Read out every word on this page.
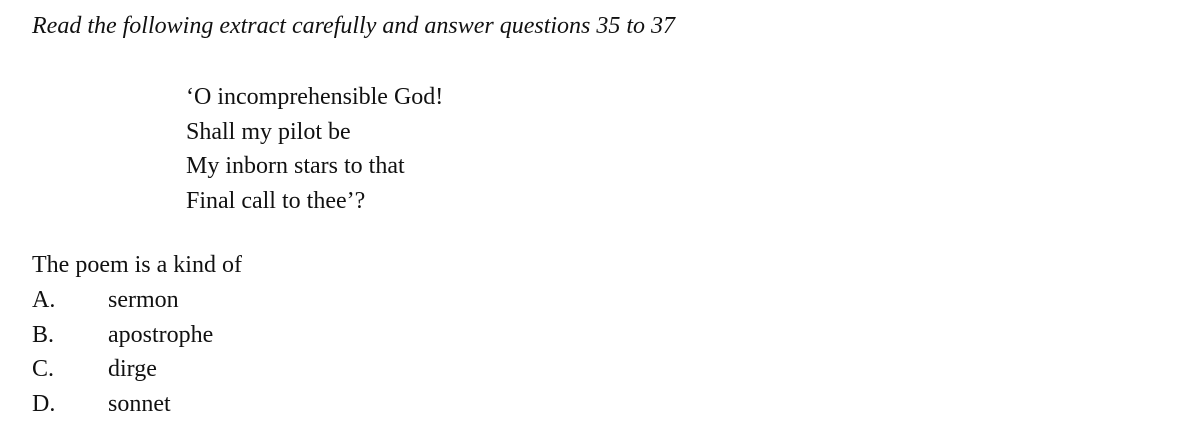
Read the following extract carefully and answer questions 35 to 37
‘O incomprehensible God!
Shall my pilot be
My inborn stars to that
Final call to thee’?
The poem is a kind of
A.	sermon
B.	apostrophe
C.	dirge
D.	sonnet
